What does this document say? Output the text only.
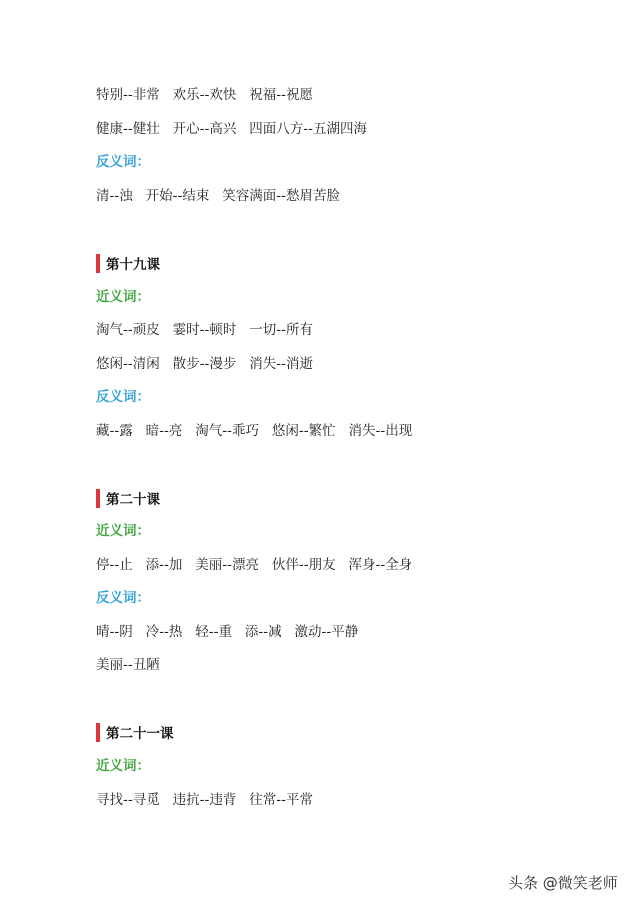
特别--非常   欢乐--欢快   祝福--祝愿
健康--健壮   开心--高兴   四面八方--五湖四海
反义词：
清--浊   开始--结束   笑容满面--愁眉苦脸
第十九课
近义词：
淘气--顽皮   霎时--顿时   一切--所有
悠闲--清闲   散步--漫步   消失--消逝
反义词：
藏--露   暗--亮   淘气--乖巧   悠闲--繁忙   消失--出现
第二十课
近义词：
停--止   添--加   美丽--漂亮   伙伴--朋友   浑身--全身
反义词：
晴--阴   冷--热   轻--重   添--减   激动--平静
美丽--丑陋
第二十一课
近义词：
寻找--寻觅   违抗--违背   往常--平常
头条 @微笑老师
